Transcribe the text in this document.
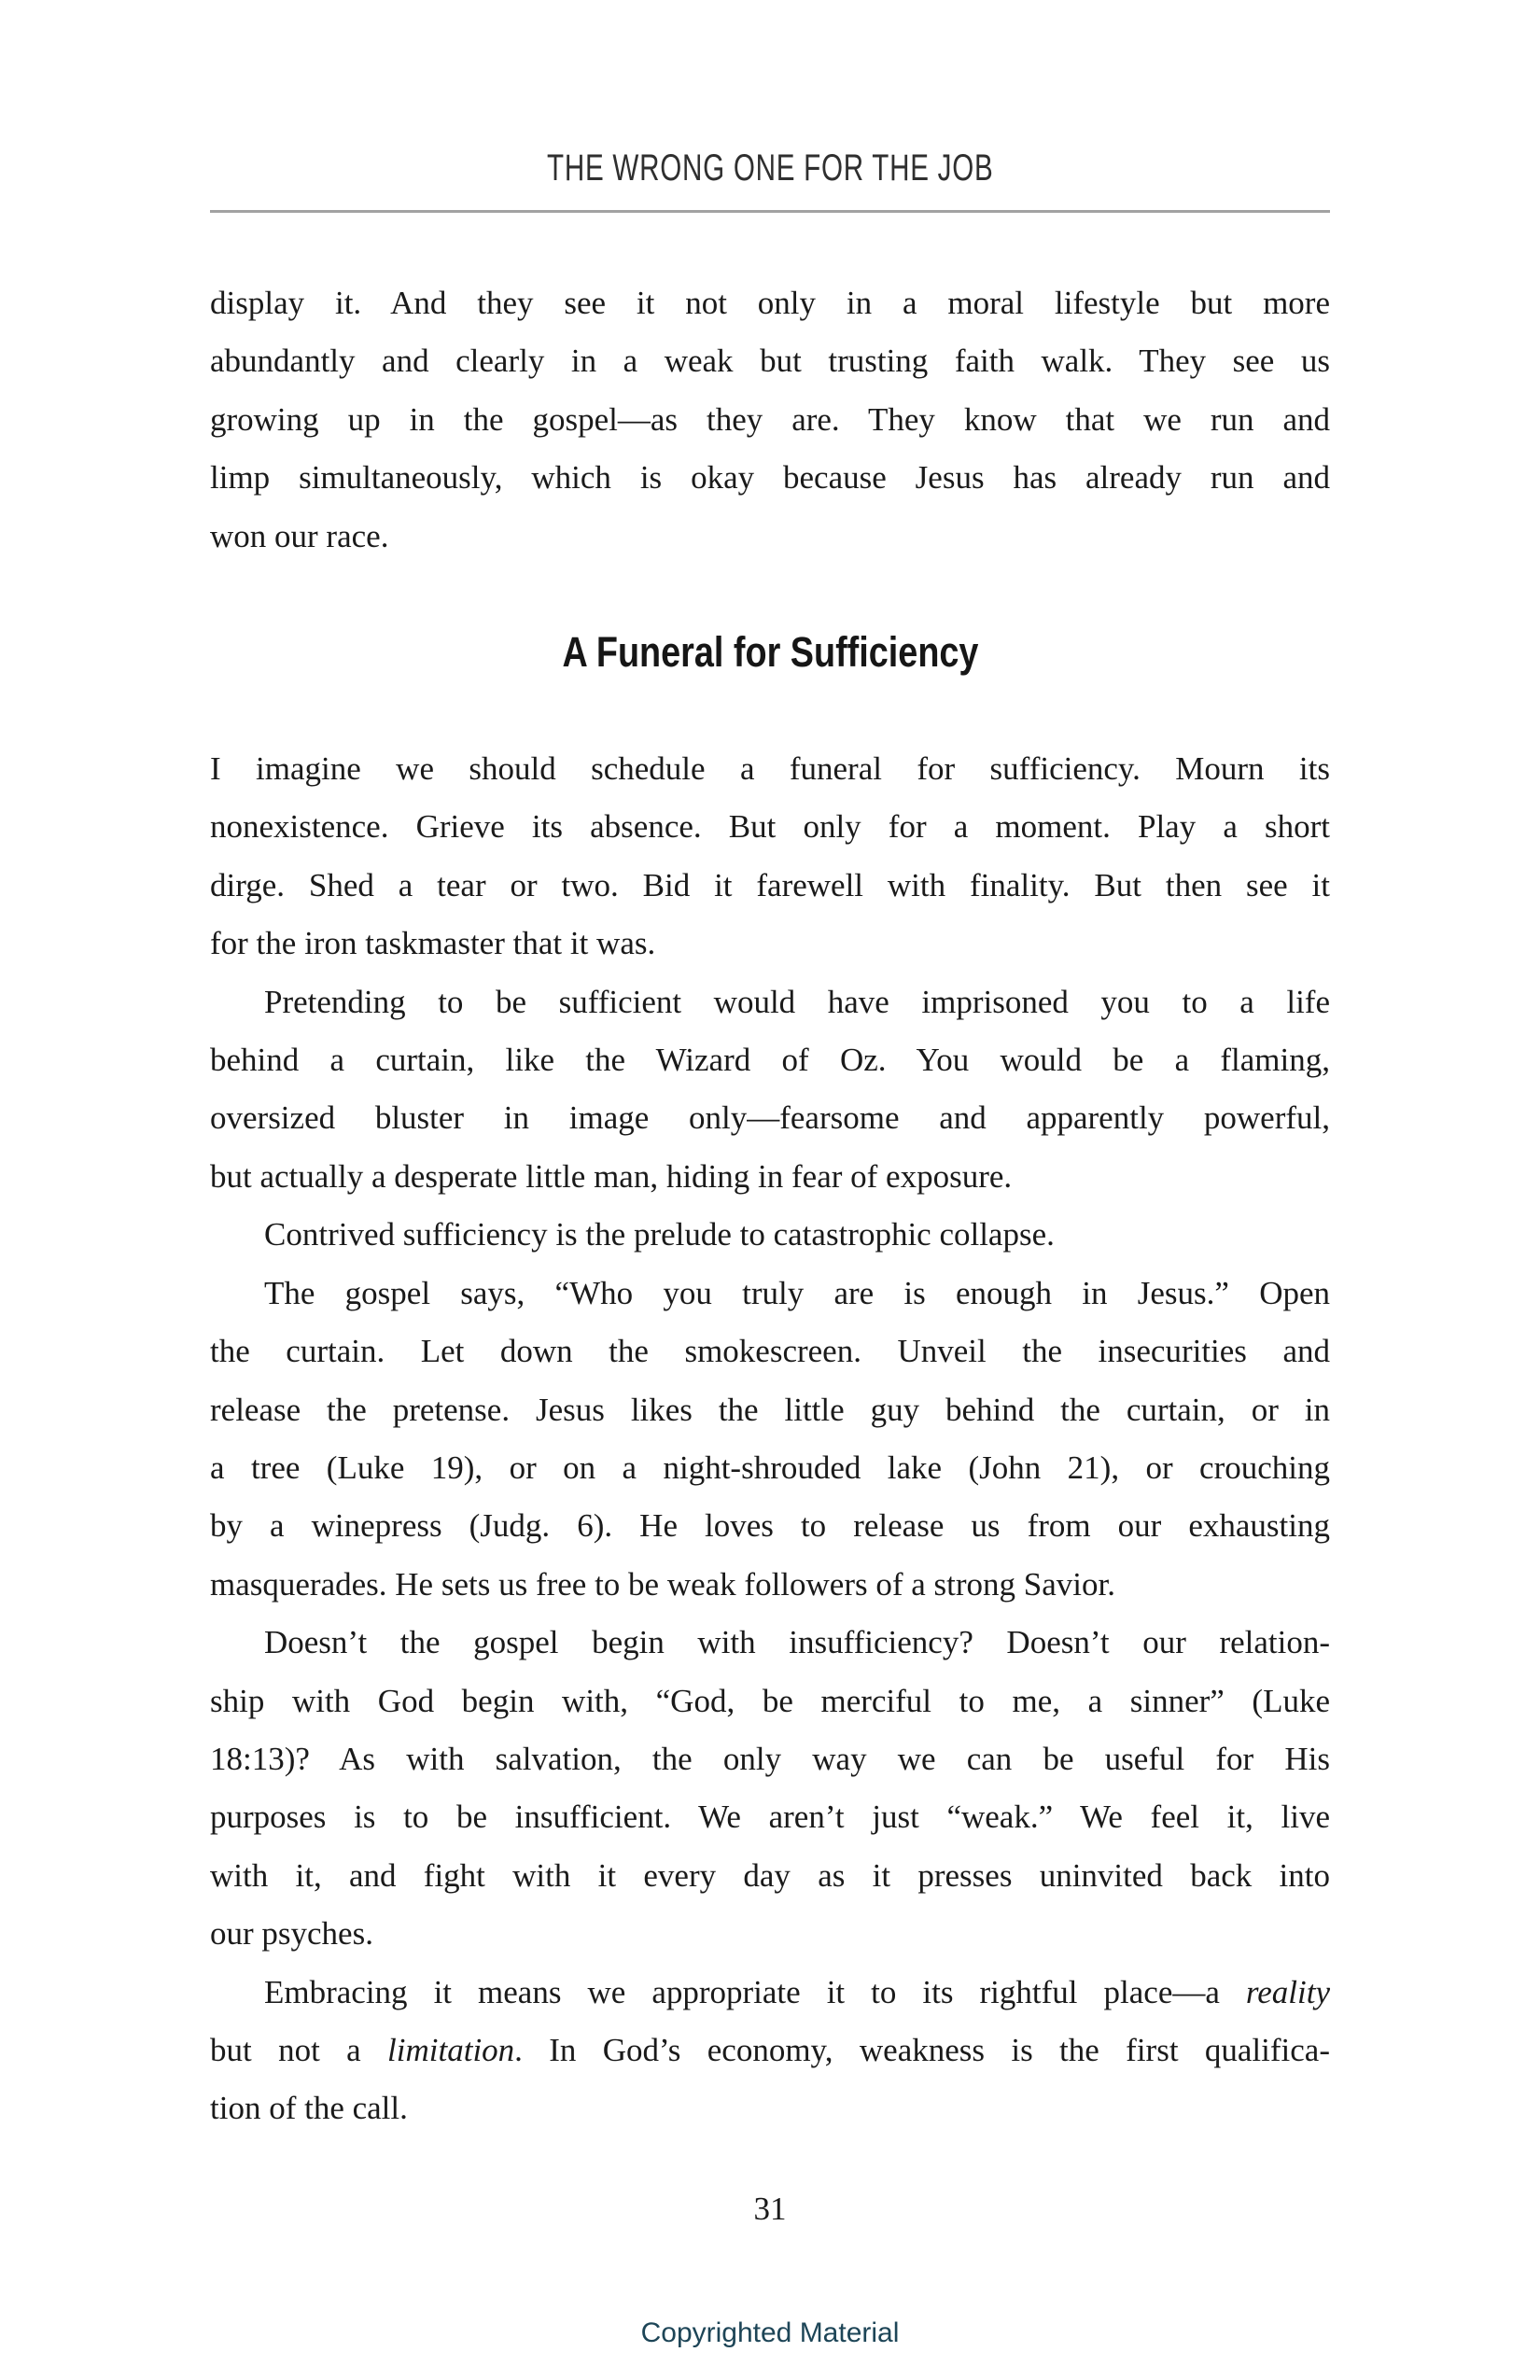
THE WRONG ONE FOR THE JOB
display it. And they see it not only in a moral lifestyle but more
abundantly and clearly in a weak but trusting faith walk. They see us
growing up in the gospel—as they are. They know that we run and
limp simultaneously, which is okay because Jesus has already run and
won our race.
A Funeral for Sufficiency
I imagine we should schedule a funeral for sufficiency. Mourn its
nonexistence. Grieve its absence. But only for a moment. Play a short
dirge. Shed a tear or two. Bid it farewell with finality. But then see it
for the iron taskmaster that it was.
Pretending to be sufficient would have imprisoned you to a life
behind a curtain, like the Wizard of Oz. You would be a flaming,
oversized bluster in image only—fearsome and apparently powerful,
but actually a desperate little man, hiding in fear of exposure.
Contrived sufficiency is the prelude to catastrophic collapse.
The gospel says, “Who you truly are is enough in Jesus.” Open
the curtain. Let down the smokescreen. Unveil the insecurities and
release the pretense. Jesus likes the little guy behind the curtain, or in
a tree (Luke 19), or on a night-shrouded lake (John 21), or crouching
by a winepress (Judg. 6). He loves to release us from our exhausting
masquerades. He sets us free to be weak followers of a strong Savior.
Doesn’t the gospel begin with insufficiency? Doesn’t our relation-
ship with God begin with, “God, be merciful to me, a sinner” (Luke
18:13)? As with salvation, the only way we can be useful for His
purposes is to be insufficient. We aren’t just “weak.” We feel it, live
with it, and fight with it every day as it presses uninvited back into
our psyches.
Embracing it means we appropriate it to its rightful place—a reality
but not a limitation. In God’s economy, weakness is the first qualifica-
tion of the call.
31
Copyrighted Material
